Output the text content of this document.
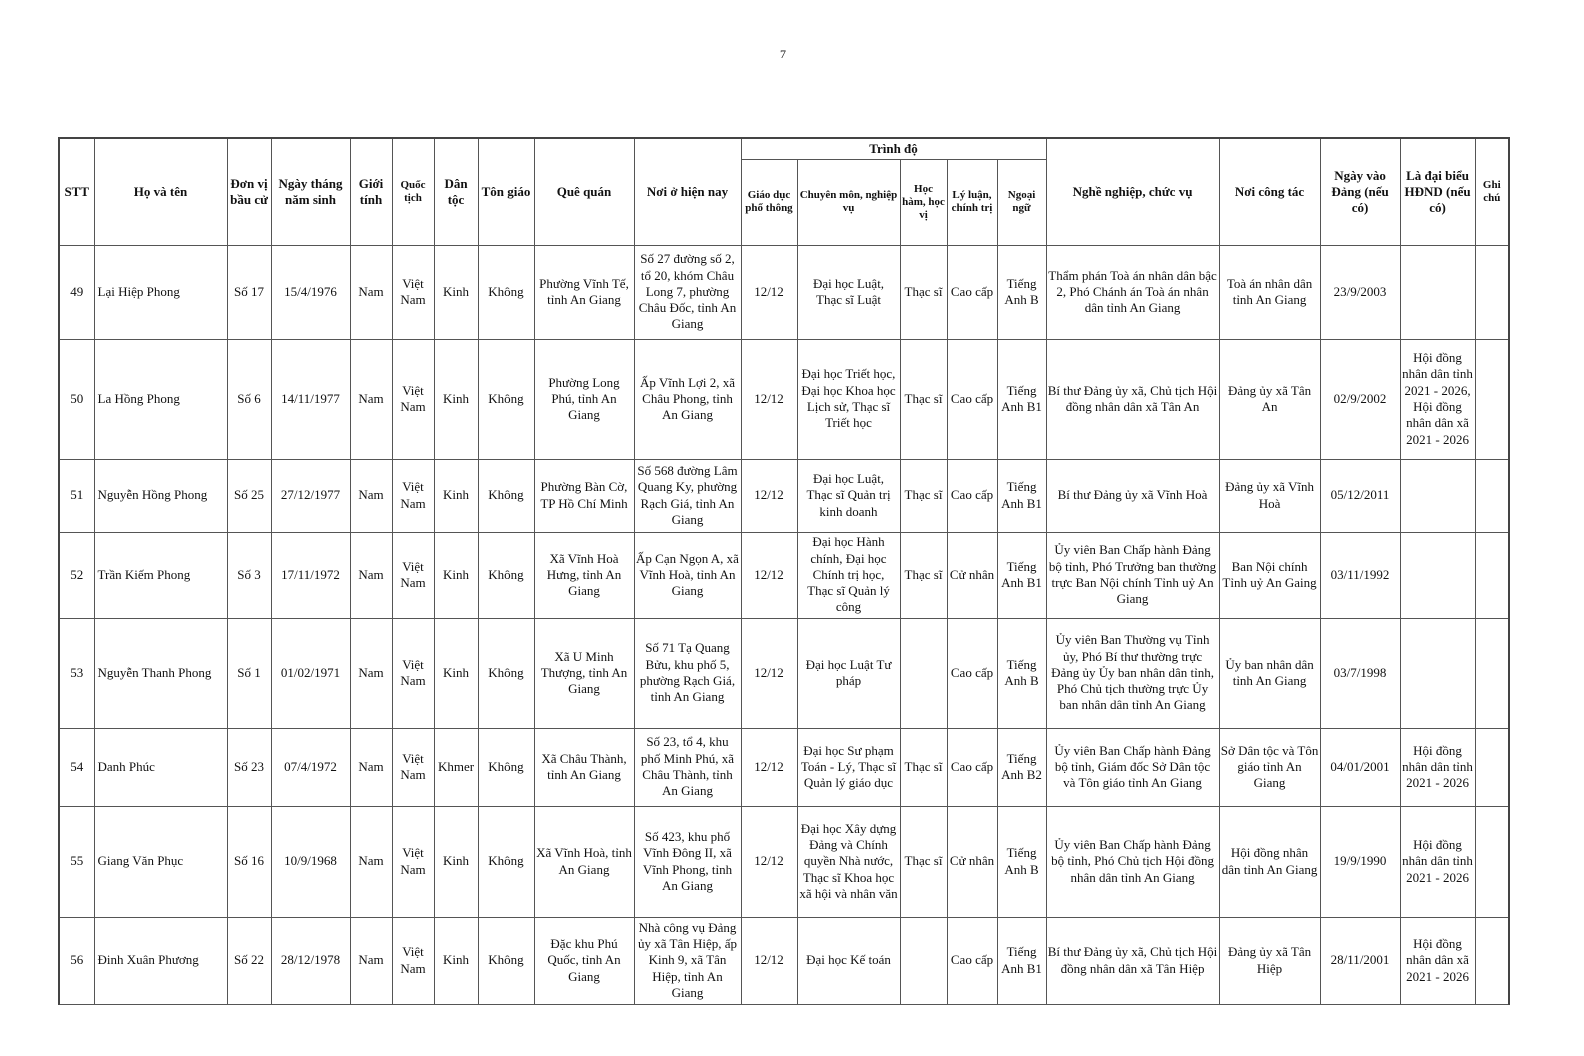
7
STT	Họ và tên	Đơn vị bầu cử	Ngày tháng năm sinh	Giới tính	Quốc tịch	Dân tộc	Tôn giáo	Quê quán	Nơi ở hiện nay	Trình độ					Nghề nghiệp, chức vụ	Nơi công tác	Ngày vào Đảng (nếu có)	Là đại biểu HĐND (nếu có)	Ghi chú
										Giáo dục phổ thông	Chuyên môn, nghiệp vụ	Học hàm, học vị	Lý luận, chính trị	Ngoại ngữ					
49	Lại Hiệp Phong	Số 17	15/4/1976	Nam	Việt Nam	Kinh	Không	Phường Vĩnh Tế, tỉnh An Giang	Số 27 đường số 2, tổ 20, khóm Châu Long 7, phường Châu Đốc, tỉnh An Giang	12/12	Đại học Luật, Thạc sĩ Luật	Thạc sĩ	Cao cấp	Tiếng Anh B	Thẩm phán Toà án nhân dân bậc 2, Phó Chánh án Toà án nhân dân tỉnh An Giang	Toà án nhân dân tỉnh An Giang	23/9/2003		
50	La Hồng Phong	Số 6	14/11/1977	Nam	Việt Nam	Kinh	Không	Phường Long Phú, tỉnh An Giang	Ấp Vĩnh Lợi 2, xã Châu Phong, tỉnh An Giang	12/12	Đại học Triết học, Đại học Khoa học Lịch sử, Thạc sĩ Triết học	Thạc sĩ	Cao cấp	Tiếng Anh B1	Bí thư Đảng ủy xã, Chủ tịch Hội đồng nhân dân xã Tân An	Đảng ủy xã Tân An	02/9/2002	Hội đồng nhân dân tỉnh 2021 - 2026, Hội đồng nhân dân xã 2021 - 2026	
51	Nguyễn Hồng Phong	Số 25	27/12/1977	Nam	Việt Nam	Kinh	Không	Phường Bàn Cờ, TP Hồ Chí Minh	Số 568 đường Lâm Quang Ky, phường Rạch Giá, tỉnh An Giang	12/12	Đại học Luật, Thạc sĩ Quản trị kinh doanh	Thạc sĩ	Cao cấp	Tiếng Anh B1	Bí thư Đảng ủy xã Vĩnh Hoà	Đảng ủy xã Vĩnh Hoà	05/12/2011		
52	Trần Kiếm Phong	Số 3	17/11/1972	Nam	Việt Nam	Kinh	Không	Xã Vĩnh Hoà Hưng, tỉnh An Giang	Ấp Cạn Ngọn A, xã Vĩnh Hoà, tỉnh An Giang	12/12	Đại học Hành chính, Đại học Chính trị học, Thạc sĩ Quản lý công	Thạc sĩ	Cử nhân	Tiếng Anh B1	Ủy viên Ban Chấp hành Đảng bộ tỉnh, Phó Trưởng ban thường trực Ban Nội chính Tỉnh uỷ An Giang	Ban Nội chính Tỉnh uỷ An Gaing	03/11/1992		
53	Nguyễn Thanh Phong	Số 1	01/02/1971	Nam	Việt Nam	Kinh	Không	Xã U Minh Thượng, tỉnh An Giang	Số 71 Tạ Quang Bửu, khu phố 5, phường Rạch Giá, tỉnh An Giang	12/12	Đại học Luật Tư pháp		Cao cấp	Tiếng Anh B	Ủy viên Ban Thường vụ Tỉnh ủy, Phó Bí thư thường trực Đảng ủy Ủy ban nhân dân tỉnh, Phó Chủ tịch thường trực Ủy ban nhân dân tỉnh An Giang	Ủy ban nhân dân tỉnh An Giang	03/7/1998		
54	Danh Phúc	Số 23	07/4/1972	Nam	Việt Nam	Khmer	Không	Xã Châu Thành, tỉnh An Giang	Số 23, tổ 4, khu phố Minh Phú, xã Châu Thành, tỉnh An Giang	12/12	Đại học Sư phạm Toán - Lý, Thạc sĩ Quản lý giáo dục	Thạc sĩ	Cao cấp	Tiếng Anh B2	Ủy viên Ban Chấp hành Đảng bộ tỉnh, Giám đốc Sở Dân tộc và Tôn giáo tỉnh An Giang	Sở Dân tộc và Tôn giáo tỉnh An Giang	04/01/2001	Hội đồng nhân dân tỉnh 2021 - 2026	
55	Giang Văn Phục	Số 16	10/9/1968	Nam	Việt Nam	Kinh	Không	Xã Vĩnh Hoà, tỉnh An Giang	Số 423, khu phố Vĩnh Đông II, xã Vĩnh Phong, tỉnh An Giang	12/12	Đại học Xây dựng Đảng và Chính quyền Nhà nước, Thạc sĩ Khoa học xã hội và nhân văn	Thạc sĩ	Cử nhân	Tiếng Anh B	Ủy viên Ban Chấp hành Đảng bộ tỉnh, Phó Chủ tịch Hội đồng nhân dân tỉnh An Giang	Hội đồng nhân dân tỉnh An Giang	19/9/1990	Hội đồng nhân dân tỉnh 2021 - 2026	
56	Đinh Xuân Phương	Số 22	28/12/1978	Nam	Việt Nam	Kinh	Không	Đặc khu Phú Quốc, tỉnh An Giang	Nhà công vụ Đảng ủy xã Tân Hiệp, ấp Kinh 9, xã Tân Hiệp, tỉnh An Giang	12/12	Đại học Kế toán		Cao cấp	Tiếng Anh B1	Bí thư Đảng ủy xã, Chủ tịch Hội đồng nhân dân xã Tân Hiệp	Đảng ủy xã Tân Hiệp	28/11/2001	Hội đồng nhân dân xã 2021 - 2026	
